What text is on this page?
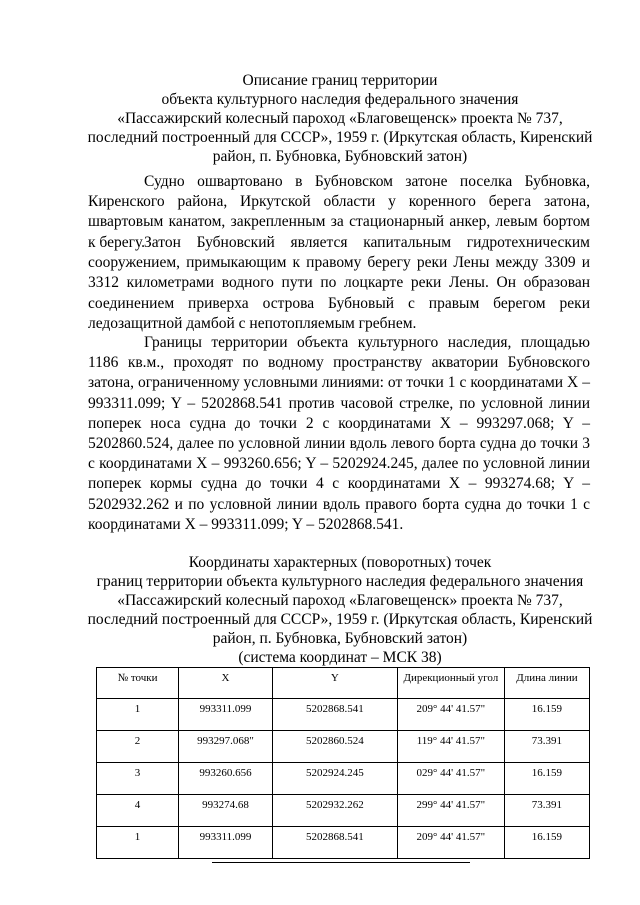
Описание границ территории
объекта культурного наследия федерального значения
«Пассажирский колесный пароход «Благовещенск» проекта № 737,
последний построенный для СССР», 1959 г. (Иркутская область, Киренский
район, п. Бубновка, Бубновский затон)

Судно ошвартовано в Бубновском затоне поселка Бубновка, Киренского района, Иркутской области у коренного берега затона, швартовым канатом, закрепленным за стационарный анкер, левым бортом к берегу.

Затон Бубновский является капитальным гидротехническим сооружением, примыкающим к правому берегу реки Лены между 3309 и 3312 километрами водного пути по лоцкарте реки Лены. Он образован соединением приверха острова Бубновый с правым берегом реки ледозащитной дамбой с непотопляемым гребнем.

Границы территории объекта культурного наследия, площадью 1186 кв.м., проходят по водному пространству акватории Бубновского затона, ограниченному условными линиями: от точки 1 с координатами X – 993311.099; Y – 5202868.541 против часовой стрелке, по условной линии поперек носа судна до точки 2 с координатами X – 993297.068; Y – 5202860.524, далее по условной линии вдоль левого борта судна до точки 3 с координатами X – 993260.656; Y – 5202924.245, далее по условной линии поперек кормы судна до точки 4 с координатами X – 993274.68; Y – 5202932.262 и по условной линии вдоль правого борта судна до точки 1 с координатами X – 993311.099; Y – 5202868.541.

Координаты характерных (поворотных) точек
границ территории объекта культурного наследия федерального значения
«Пассажирский колесный пароход «Благовещенск» проекта № 737,
последний построенный для СССР», 1959 г. (Иркутская область, Киренский
район, п. Бубновка, Бубновский затон)
(система координат – МСК 38)
№ точки	X	Y	Дирекционный угол	Длина линии
1	993311.099	5202868.541	209° 44' 41.57"	16.159
2	993297.068"	5202860.524	119° 44' 41.57"	73.391
3	993260.656	5202924.245	029° 44' 41.57"	16.159
4	993274.68	5202932.262	299° 44' 41.57"	73.391
1	993311.099	5202868.541	209° 44' 41.57"	16.159
